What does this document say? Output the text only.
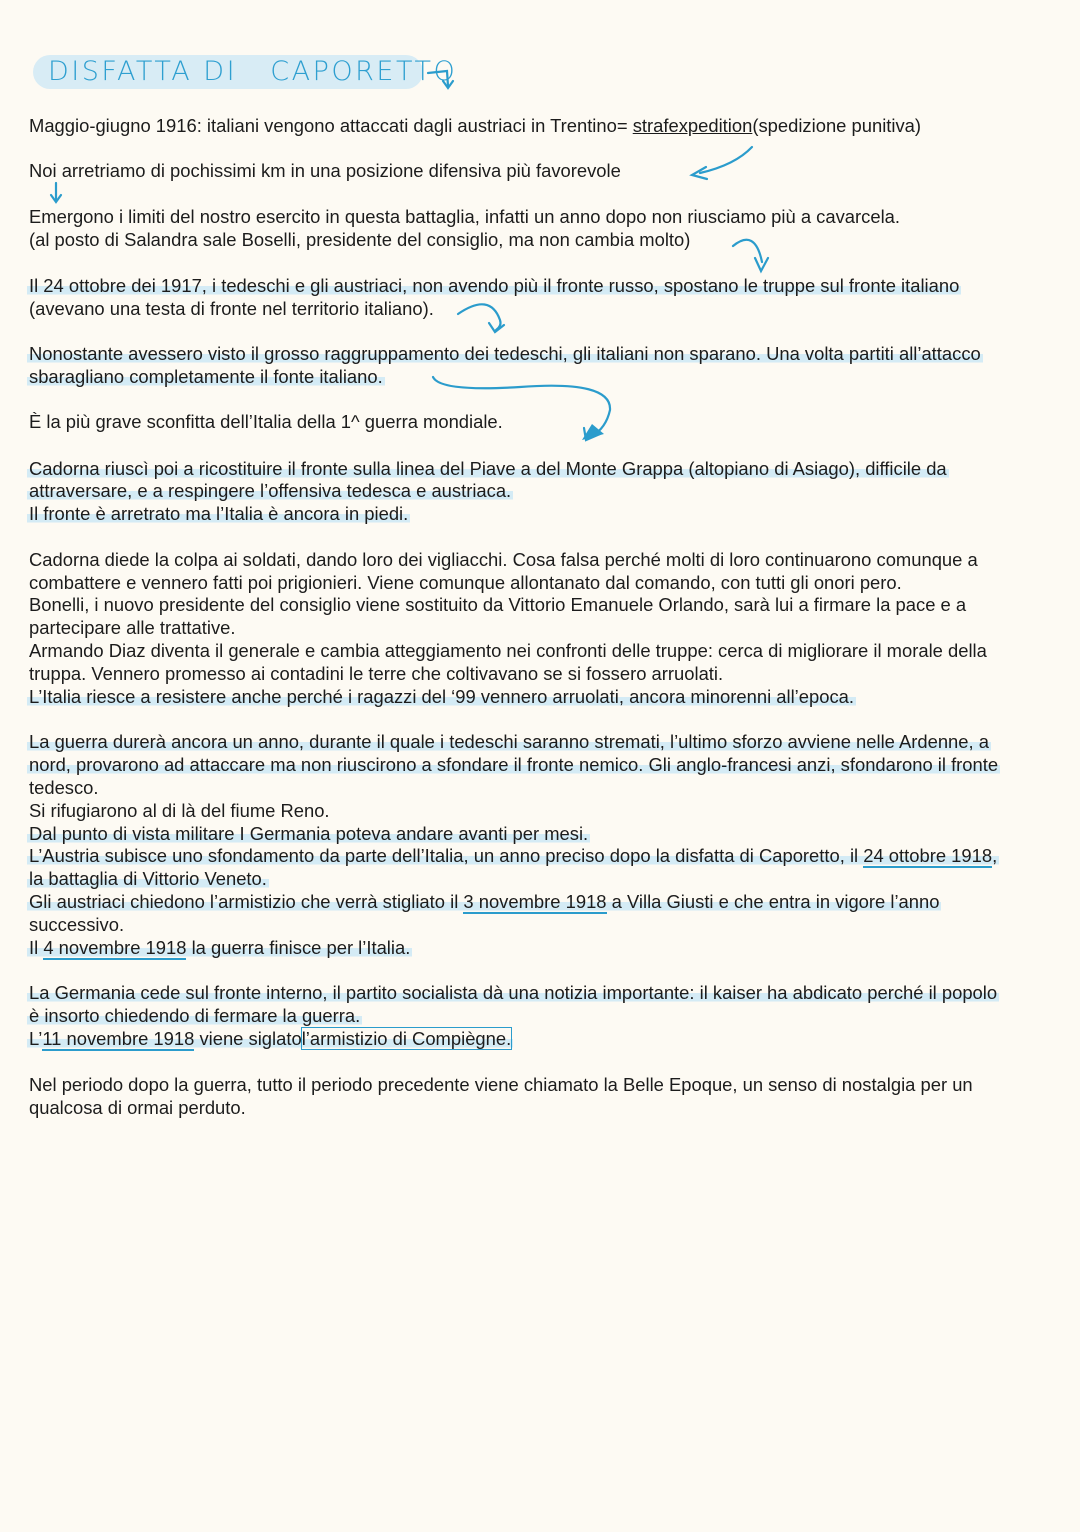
DISFATTA DI   CAPORETTO
Maggio-giugno 1916: italiani vengono attaccati dagli austriaci in Trentino= strafexpedition(spedizione punitiva)
Noi arretriamo di pochissimi km in una posizione difensiva più favorevole
Emergono i limiti del nostro esercito in questa battaglia, infatti un anno dopo non riusciamo più a cavarcela.
(al posto di Salandra sale Boselli, presidente del consiglio, ma non cambia molto)
Il 24 ottobre dei 1917, i tedeschi e gli austriaci, non avendo più il fronte russo, spostano le truppe sul fronte italiano
(avevano una testa di fronte nel territorio italiano).
Nonostante avessero visto il grosso raggruppamento dei tedeschi, gli italiani non sparano. Una volta partiti all’attacco
sbaragliano completamente il fonte italiano.
È la più grave sconfitta dell’Italia della 1^ guerra mondiale.
Cadorna riuscì poi a ricostituire il fronte sulla linea del Piave a del Monte Grappa (altopiano di Asiago), difficile da
attraversare, e a respingere l’offensiva tedesca e austriaca.
Il fronte è arretrato ma l’Italia è ancora in piedi.
Cadorna diede la colpa ai soldati, dando loro dei vigliacchi. Cosa falsa perché molti di loro continuarono comunque a
combattere e vennero fatti poi prigionieri. Viene comunque allontanato dal comando, con tutti gli onori pero.
Bonelli, i nuovo presidente del consiglio viene sostituito da Vittorio Emanuele Orlando, sarà lui a firmare la pace e a
partecipare alle trattative.
Armando Diaz diventa il generale e cambia atteggiamento nei confronti delle truppe: cerca di migliorare il morale della
truppa. Vennero promesso ai contadini le terre che coltivavano se si fossero arruolati.
L’Italia riesce a resistere anche perché i ragazzi del ‘99 vennero arruolati, ancora minorenni all’epoca.
La guerra durerà ancora un anno, durante il quale i tedeschi saranno stremati, l’ultimo sforzo avviene nelle Ardenne, a
nord, provarono ad attaccare ma non riuscirono a sfondare il fronte nemico. Gli anglo-francesi anzi, sfondarono il fronte
tedesco.
Si rifugiarono al di là del fiume Reno.
Dal punto di vista militare I Germania poteva andare avanti per mesi.
L’Austria subisce uno sfondamento da parte dell’Italia, un anno preciso dopo la disfatta di Caporetto, il 24 ottobre 1918,
la battaglia di Vittorio Veneto.
Gli austriaci chiedono l’armistizio che verrà stigliato il 3 novembre 1918 a Villa Giusti e che entra in vigore l’anno
successivo.
Il 4 novembre 1918 la guerra finisce per l’Italia.
La Germania cede sul fronte interno, il partito socialista dà una notizia importante: il kaiser ha abdicato perché il popolo
è insorto chiedendo di fermare la guerra.
L’11 novembre 1918 viene siglatol’armistizio di Compiègne.
Nel periodo dopo la guerra, tutto il periodo precedente viene chiamato la Belle Epoque, un senso di nostalgia per un
qualcosa di ormai perduto.
